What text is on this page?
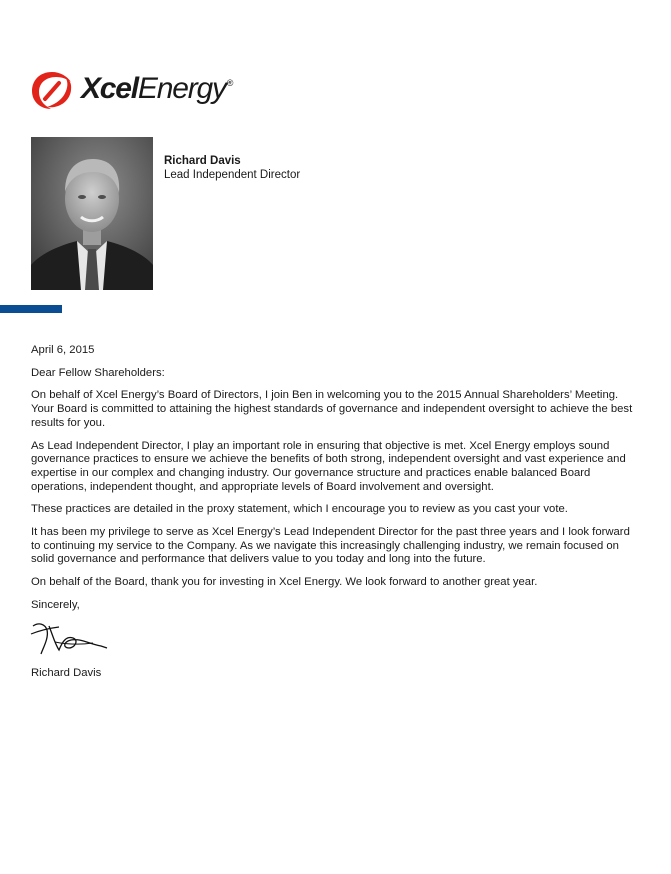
XcelEnergy®
Richard Davis
Lead Independent Director

April 6, 2015

Dear Fellow Shareholders:

On behalf of Xcel Energy’s Board of Directors, I join Ben in welcoming you to the 2015 Annual Shareholders’ Meeting. Your Board is committed to attaining the highest standards of governance and independent oversight to achieve the best results for you.

As Lead Independent Director, I play an important role in ensuring that objective is met. Xcel Energy employs sound governance practices to ensure we achieve the benefits of both strong, independent oversight and vast experience and expertise in our complex and changing industry. Our governance structure and practices enable balanced Board operations, independent thought, and appropriate levels of Board involvement and oversight.

These practices are detailed in the proxy statement, which I encourage you to review as you cast your vote.

It has been my privilege to serve as Xcel Energy’s Lead Independent Director for the past three years and I look forward to continuing my service to the Company. As we navigate this increasingly challenging industry, we remain focused on solid governance and performance that delivers value to you today and long into the future.

On behalf of the Board, thank you for investing in Xcel Energy. We look forward to another great year.

Sincerely,

Richard Davis
